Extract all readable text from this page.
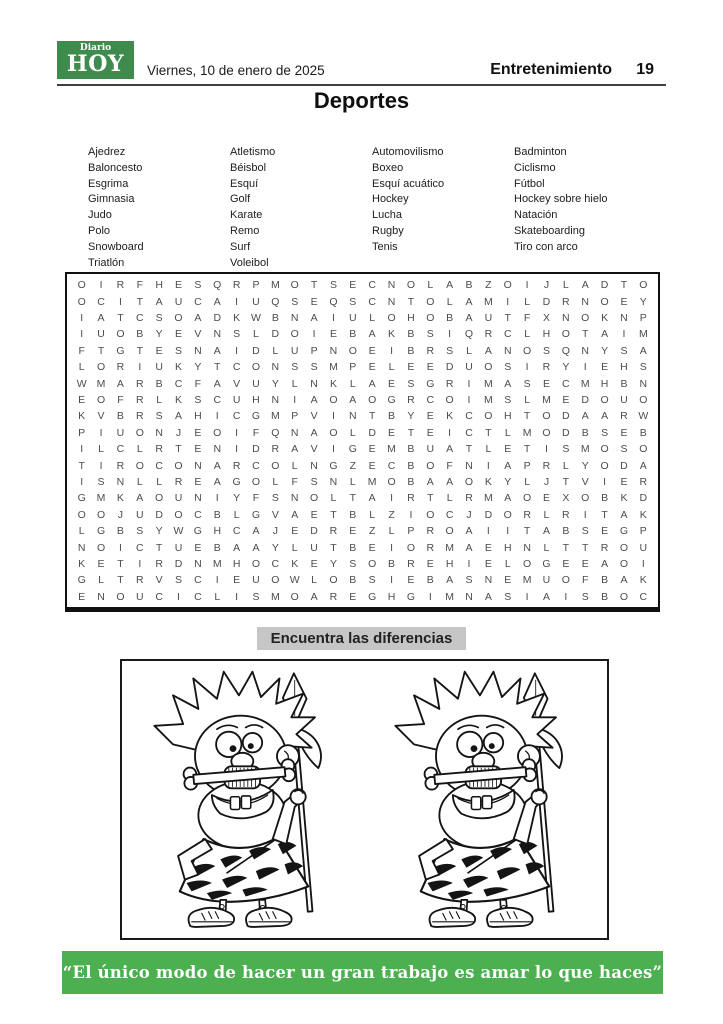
Diario
HOY	Viernes, 10 de enero de 2025	Entretenimiento 19
Deportes
Ajedrez
Baloncesto
Esgrima
Gimnasia
Judo
Polo
Snowboard
Triatlón
Atletismo
Béisbol
Esquí
Golf
Karate
Remo
Surf
Voleibol
Automovilismo
Boxeo
Esquí acuático
Hockey
Lucha
Rugby
Tenis
Badminton
Ciclismo
Fútbol
Hockey sobre hielo
Natación
Skateboarding
Tiro con arco
O	I	R	F	H	E	S	Q	R	P	M	O	T	S	E	C	N	O	L	A	B	Z	O	I	J	L	A	D	T	O
O	C	I	T	A	U	C	A	I	U	Q	S	E	Q	S	C	N	T	O	L	A	M	I	L	D	R	N	O	E	Y
I	A	T	C	S	O	A	D	K	W	B	N	A	I	U	L	O	H	O	B	A	U	T	F	X	N	O	K	N	P
I	U	O	B	Y	E	V	N	S	L	D	O	I	E	B	A	K	B	S	I	Q	R	C	L	H	O	T	A	I	M
F	T	G	T	E	S	N	A	I	D	L	U	P	N	O	E	I	B	R	S	L	A	N	O	S	Q	N	Y	S	A
L	O	R	I	U	K	Y	T	C	O	N	S	S	M	P	E	L	E	E	D	U	O	S	I	R	Y	I	E	H	S
W M	A	R	B	C	F	A	V	U	Y	L	N	K	L	A	E	S	G	R	I	M	A	S	E	C	M	H	B	N
E	O	F	R	L	K	S	C	U	H	N	I	A	O	A	O	G	R	C	O	I	M	S	L	M	E	D	O	U	O
K	V	B	R	S	A	H	I	C	G	M	P	V	I	N	T	B	Y	E	K	C	O	H	T	O	D	A	A	R	W
P	I	U	O	N	J	E	O	I	F	Q	N	A	O	L	D	E	T	E	I	C	T	L	M	O	D	B	S	E	B
I	L	C	L	R	T	E	N	I	D	R	A	V	I	G	E	M	B	U	A	T	L	E	T	I	S	M	O	S	O
T	I	R	O	C	O	N	A	R	C	O	L	N	G	Z	E	C	B	O	F	N	I	A	P	R	L	Y	O	D	A
I	S	N	L	L	R	E	A	G	O	L	F	S	N	L	M	O	B	A	A	O	K	Y	L	J	T	V	I	E	R
G	M	K	A	O	U	N	I	Y	F	S	N	O	L	T	A	I	R	T	L	R	M	A	O	E	X	O	B	K	D
O	O	J	U	D	O	C	B	L	G	V	A	E	T	B	L	Z	I	O	C	J	D	O	R	L	R	I	T	A	K
L	G	B	S	Y	W G	H	C	A	J	E	D	R	E	Z	L	P	R	O	A	I	I	T	A	B	S	E	G	P
N	O	I	C	T	U	E	B	A	A	Y	L	U	T	B	E	I	O	R	M	A	E	H	N	L	T	T	R	O	U
K	E	T	I	R	D	N	M	H	O	C	K	E	Y	S	O	B	R	E	H	I	E	L	O	G	E	E	A	O	I
G	L	T	R	V	S	C	I	E	U	O W	L	O	B	S	I	E	B	A	S	N	E	M	U	O	F	B	A	K
E	N	O	U	C	I	C	L	I	S	M	O	A	R	E	G	H	G	I	M	N	A	S	I	A	I	S	B	O	C
Encuentra las diferencias
“El único modo de hacer un gran trabajo es amar lo que haces”
